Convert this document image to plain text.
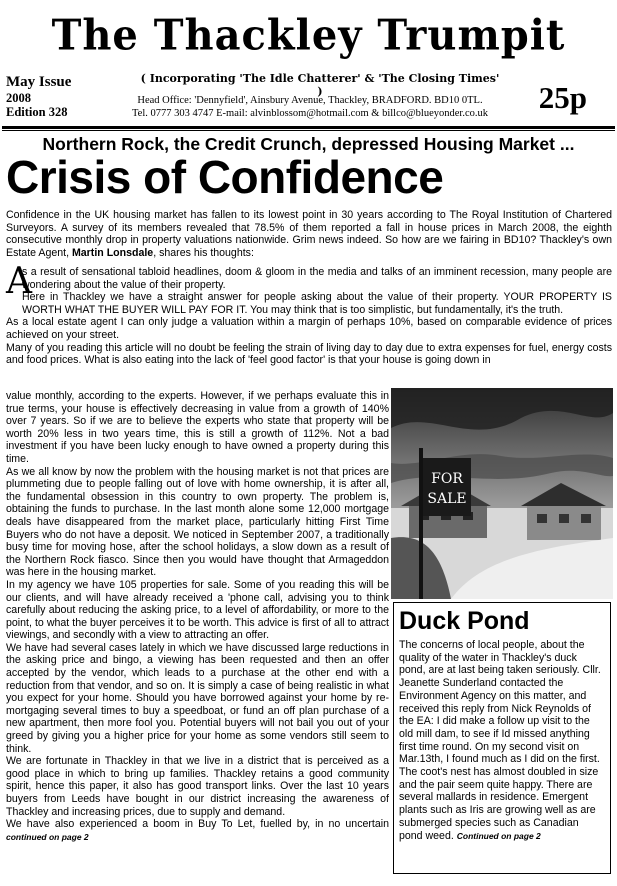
The Thackley Trumpit
May Issue
2008
Edition 328
( Incorporating 'The Idle Chatterer' & 'The Closing Times' )
Head Office: 'Dennyfield', Ainsbury Avenue, Thackley, BRADFORD. BD10 0TL.
Tel. 0777 303 4747 E-mail: alvinblossom@hotmail.com & billco@blueyonder.co.uk	25p
Northern Rock, the Credit Crunch, depressed Housing Market ...
Crisis of Confidence
Confidence in the UK housing market has fallen to its lowest point in 30 years according to The Royal Institution of Chartered Surveyors. A survey of its members revealed that 78.5% of them reported a fall in house prices in March 2008, the eighth consecutive monthly drop in property valuations nationwide. Grim news indeed. So how are we fairing in BD10? Thackley's own Estate Agent, Martin Lonsdale, shares his thoughts:
A

s a result of sensational tabloid headlines, doom & gloom in the media and talks of an imminent recession, many people are wondering about the value of their property.

Here in Thackley we have a straight answer for people asking about the value of their property. YOUR PROPERTY IS WORTH WHAT THE BUYER WILL PAY FOR IT. You may think that is too simplistic, but fundamentally, it's the truth.

As a local estate agent I can only judge a valuation within a margin of perhaps 10%, based on comparable evidence of prices achieved on your street.

Many of you reading this article will no doubt be feeling the strain of living day to day due to extra expenses for fuel, energy costs and food prices. What is also eating into the lack of 'feel good factor' is that your house is going down in

value monthly, according to the experts. However, if we perhaps evaluate this in true terms, your house is effectively decreasing in value from a growth of 140% over 7 years. So if we are to believe the experts who state that property will be worth 20% less in two years time, this is still a growth of 112%. Not a bad investment if you have been lucky enough to have owned a property during this time.

As we all know by now the problem with the housing market is not that prices are plummeting due to people falling out of love with home ownership, it is after all, the fundamental obsession in this country to own property. The problem is, obtaining the funds to purchase. In the last month alone some 12,000 mortgage deals have disappeared from the market place, particularly hitting First Time Buyers who do not have a deposit. We noticed in September 2007, a traditionally busy time for moving hose, after the school holidays, a slow down as a result of the Northern Rock fiasco. Since then you would have thought that Armageddon was here in the housing market.

In my agency we have 105 properties for sale. Some of you reading this will be our clients, and will have already received a 'phone call, advising you to think carefully about reducing the asking price, to a level of affordability, or more to the point, to what the buyer perceives it to be worth. This advice is first of all to attract viewings, and secondly with a view to attracting an offer.

We have had several cases lately in which we have discussed large reductions in the asking price and bingo, a viewing has been requested and then an offer accepted by the vendor, which leads to a purchase at the other end with a reduction from that vendor, and so on. It is simply a case of being realistic in what you expect for your home. Should you have borrowed against your home by re-mortgaging several times to buy a speedboat, or fund an off plan purchase of a new apartment, then more fool you. Potential buyers will not bail you out of your greed by giving you a higher price for your home as some vendors still seem to think.

We are fortunate in Thackley in that we live in a district that is perceived as a good place in which to bring up families. Thackley retains a good community spirit, hence this paper, it also has good transport links. Over the last 10 years buyers from Leeds have bought in our district increasing the awareness of Thackley and increasing prices, due to supply and demand.

We have also experienced a boom in Buy To Let, fuelled by, in no uncertain continued on page 2

FOR
SALE
Duck Pond

The concerns of local people, about the quality of the water in Thackley's duck pond, are at last being taken seriously. Cllr. Jeanette Sunderland contacted the Environment Agency on this matter, and received this reply from Nick Reynolds of the EA: I did make a follow up visit to the old mill dam, to see if Id missed anything first time round. On my second visit on Mar.13th, I found much as I did on the first. The coot's nest has almost doubled in size and the pair seem quite happy. There are several mallards in residence. Emergent plants such as Iris are growing well as are submerged species such as Canadian pond weed. Continued on page 2
